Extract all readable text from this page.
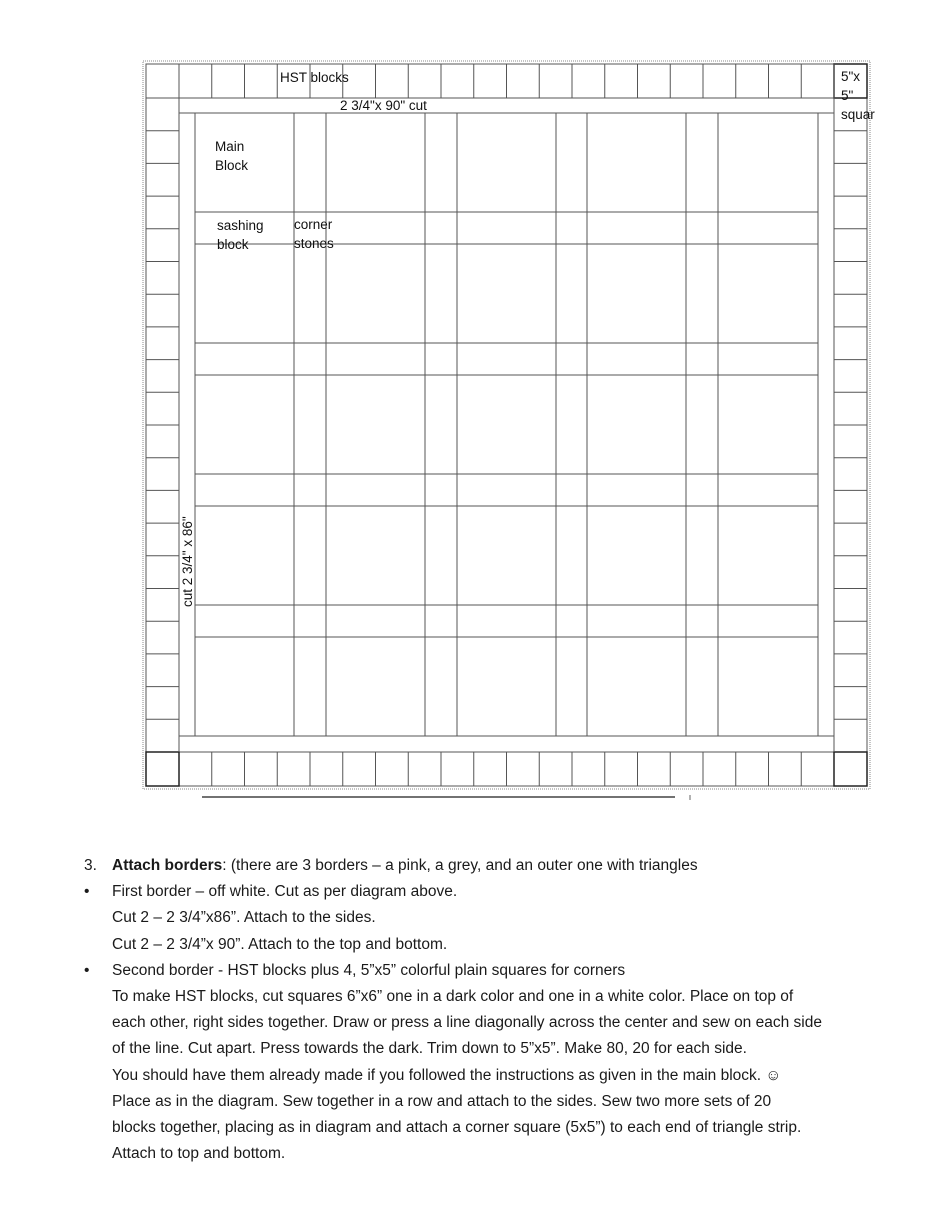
HST blocks
2 3/4"x 90" cut
5"x 5" squar
Main Block
sashing block
corner stones
cut 2 3/4" x 86"
3. Attach borders: (there are 3 borders – a pink, a grey, and an outer one with triangles
• First border – off white. Cut as per diagram above.
Cut 2 – 2 3/4”x86”. Attach to the sides.
Cut 2 – 2 3/4”x 90”. Attach to the top and bottom.
• Second border - HST blocks plus 4, 5”x5” colorful plain squares for corners
To make HST blocks, cut squares 6”x6” one in a dark color and one in a white color. Place on top of
each other, right sides together. Draw or press a line diagonally across the center and sew on each side
of the line. Cut apart. Press towards the dark. Trim down to 5”x5”. Make 80, 20 for each side.
You should have them already made if you followed the instructions as given in the main block. ☺
Place as in the diagram. Sew together in a row and attach to the sides. Sew two more sets of 20
blocks together, placing as in diagram and attach a corner square (5x5”) to each end of triangle strip.
Attach to top and bottom.
